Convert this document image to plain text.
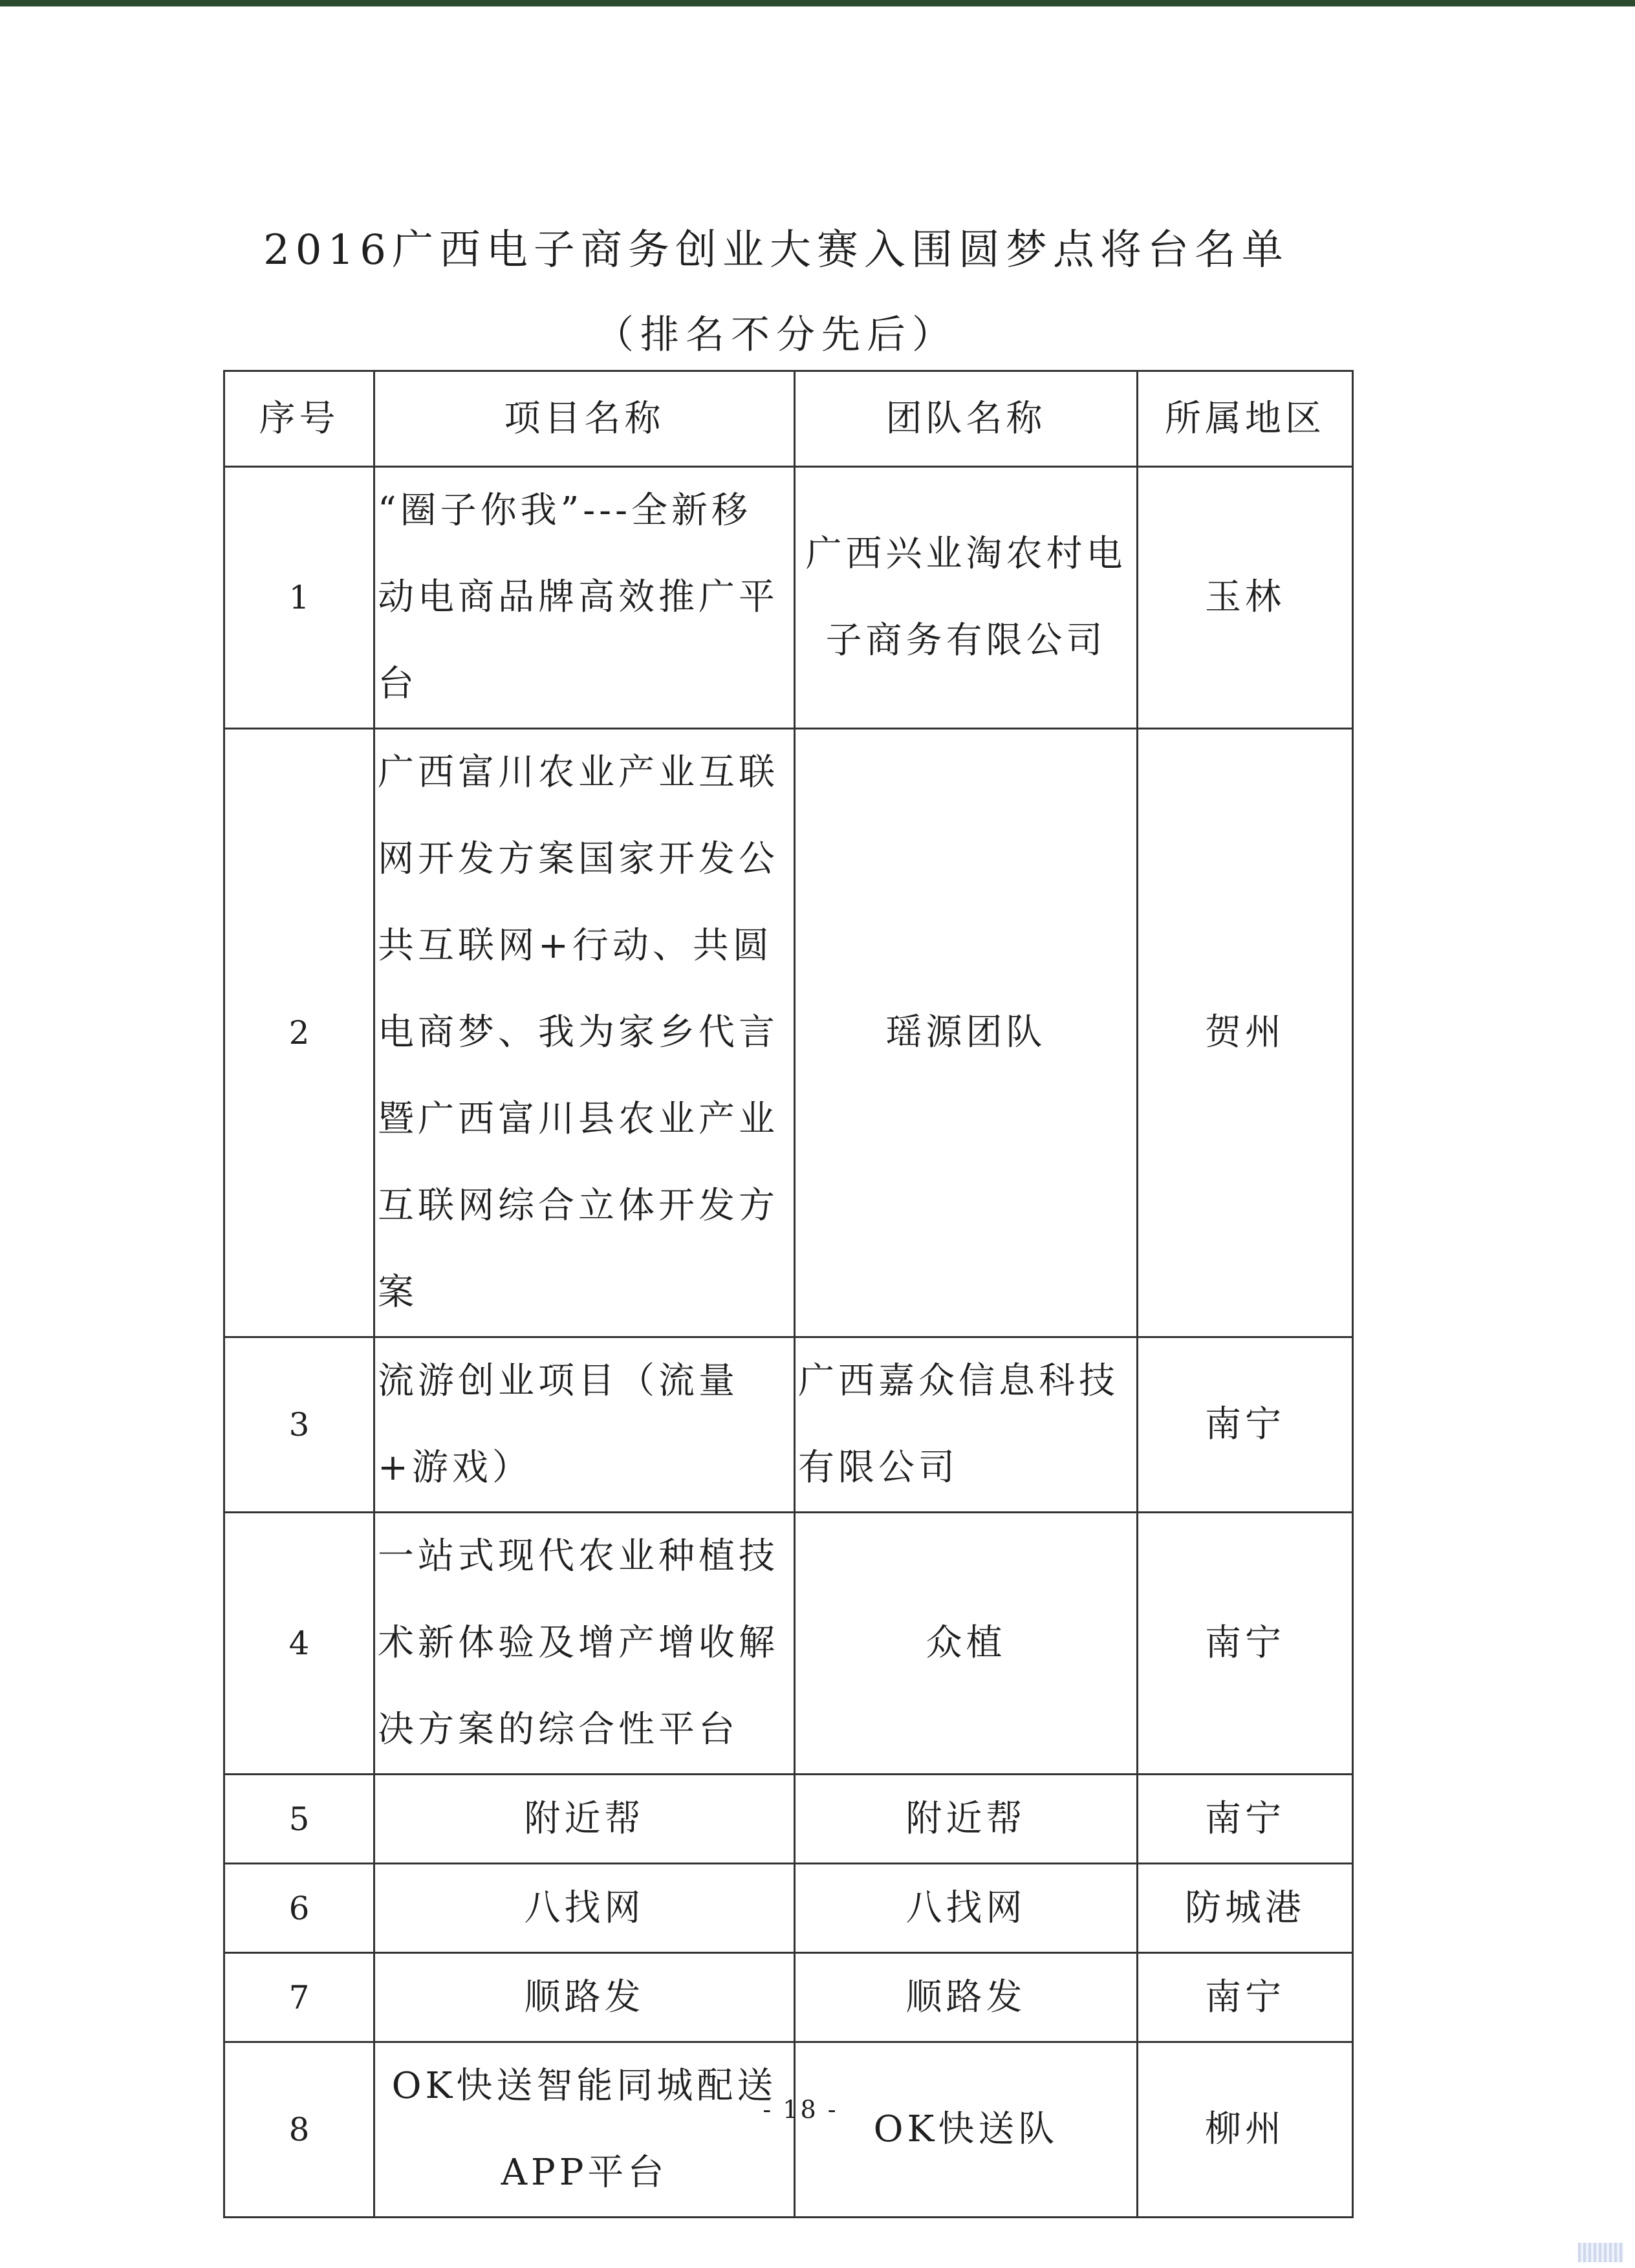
2016广西电子商务创业大赛入围圆梦点将台名单
（排名不分先后）
序号	项目名称	团队名称	所属地区
1	“圈子你我”---全新移动电商品牌高效推广平台	广西兴业淘农村电子商务有限公司	玉林
2	广西富川农业产业互联网开发方案国家开发公共互联网+行动、共圆电商梦、我为家乡代言 暨广西富川县农业产业互联网综合立体开发方案	瑶源团队	贺州
3	流游创业项目（流量+游戏）	广西嘉众信息科技有限公司	南宁
4	一站式现代农业种植技术新体验及增产增收解决方案的综合性平台	众植	南宁
5	附近帮	附近帮	南宁
6	八找网	八找网	防城港
7	顺路发	顺路发	南宁
8	OK快送智能同城配送APP平台	OK快送队	柳州
- 18 -
